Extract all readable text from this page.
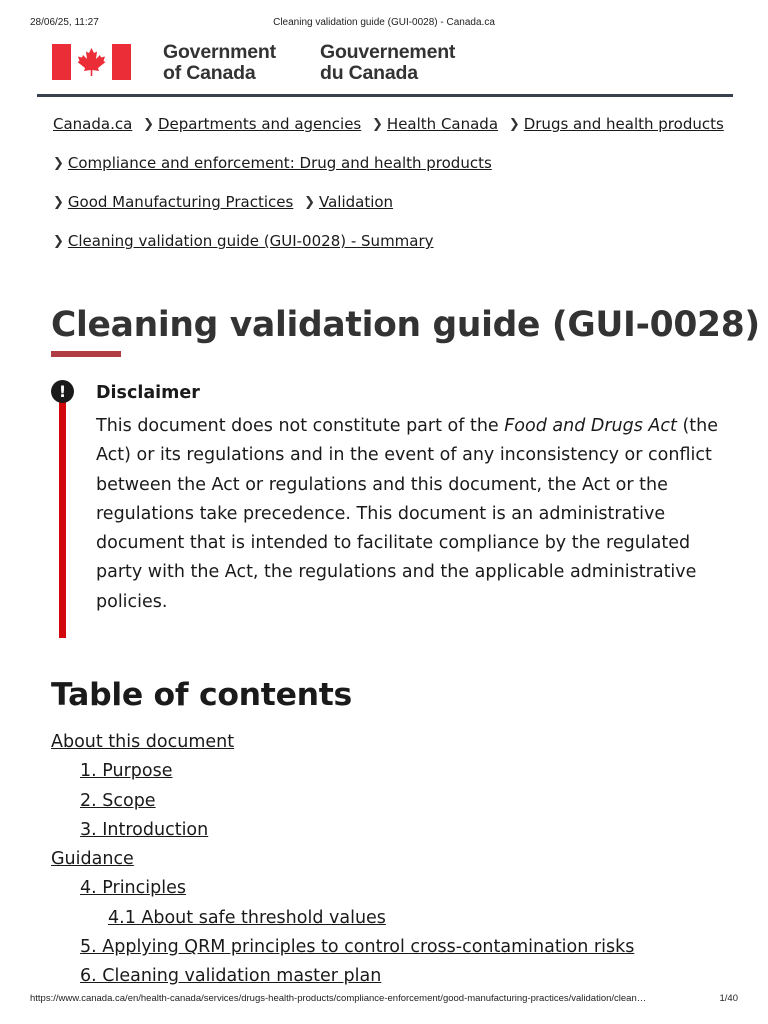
28/06/25, 11:27	Cleaning validation guide (GUI-0028) - Canada.ca
Government
of Canada
Gouvernement
du Canada
Canada.ca ❯ Departments and agencies ❯ Health Canada ❯ Drugs and health products
❯ Compliance and enforcement: Drug and health products
❯ Good Manufacturing Practices ❯ Validation
❯ Cleaning validation guide (GUI-0028) - Summary
Cleaning validation guide (GUI-0028)
!	Disclaimer

This document does not constitute part of the Food and Drugs Act (the Act) or its regulations and in the event of any inconsistency or conflict between the Act or regulations and this document, the Act or the regulations take precedence. This document is an administrative document that is intended to facilitate compliance by the regulated party with the Act, the regulations and the applicable administrative policies.

Table of contents
About this document
1. Purpose
2. Scope
3. Introduction
Guidance
4. Principles
4.1 About safe threshold values
5. Applying QRM principles to control cross-contamination risks
6. Cleaning validation master plan
https://www.canada.ca/en/health-canada/services/drugs-health-products/compliance-enforcement/good-manufacturing-practices/validation/clean…	1/40
